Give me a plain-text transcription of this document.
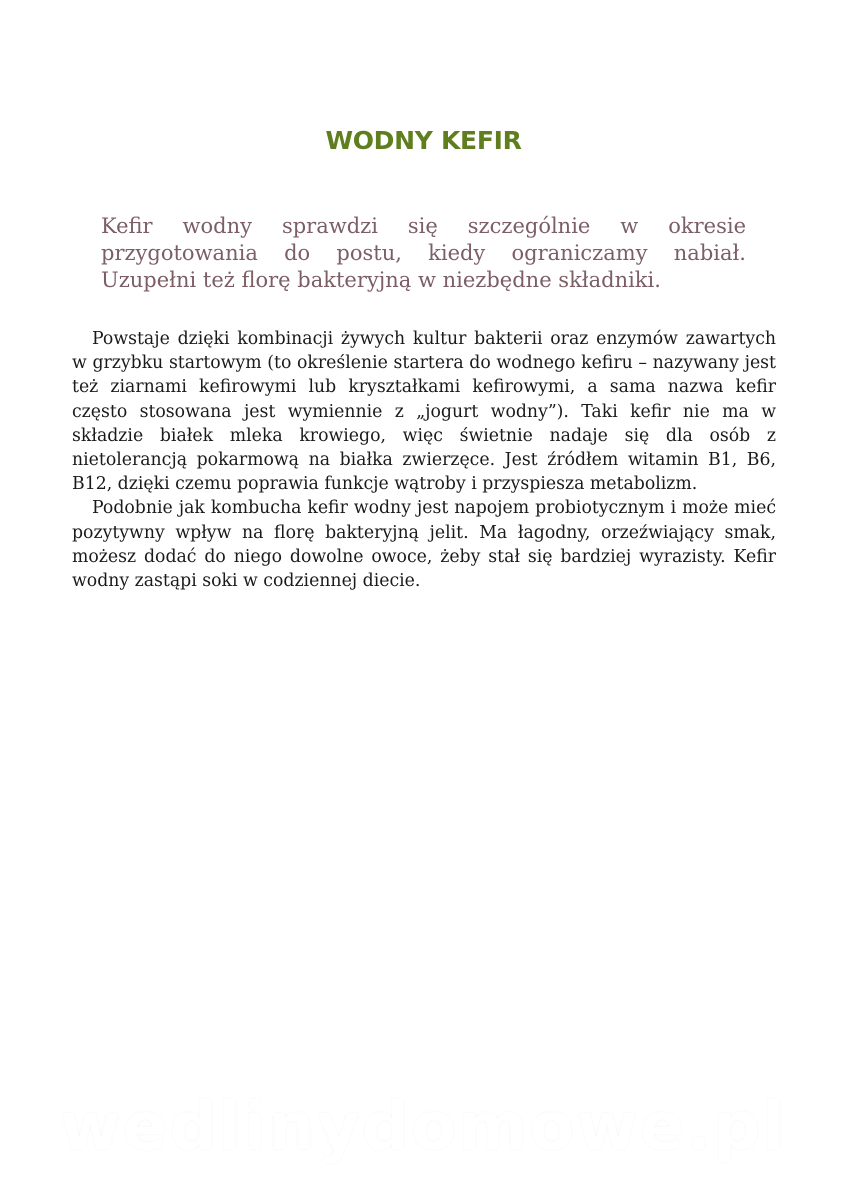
WODNY KEFIR

Kefir wodny sprawdzi się szczególnie w okresie przygotowania do postu, kiedy ograniczamy nabiał. Uzupełni też florę bakteryjną w niezbędne składniki.

Powstaje dzięki kombinacji żywych kultur bakterii oraz enzymów zawartych w grzybku startowym (to określenie startera do wodnego kefiru – nazywany jest też ziarnami kefirowymi lub kryształkami kefirowymi, a sama nazwa kefir często stosowana jest wymiennie z „jogurt wodny”). Taki kefir nie ma w składzie białek mleka krowiego, więc świetnie nadaje się dla osób z nietolerancją pokarmową na białka zwierzęce. Jest źródłem witamin B1, B6, B12, dzięki czemu poprawia funkcje wątroby i przyspiesza metabolizm.

Podobnie jak kombucha kefir wodny jest napojem probiotycznym i może mieć pozytywny wpływ na florę bakteryjną jelit. Ma łagodny, orzeźwiający smak, możesz dodać do niego dowolne owoce, żeby stał się bardziej wyrazisty. Kefir wodny zastąpi soki w codziennej diecie.

wedlinydomowe.pl
